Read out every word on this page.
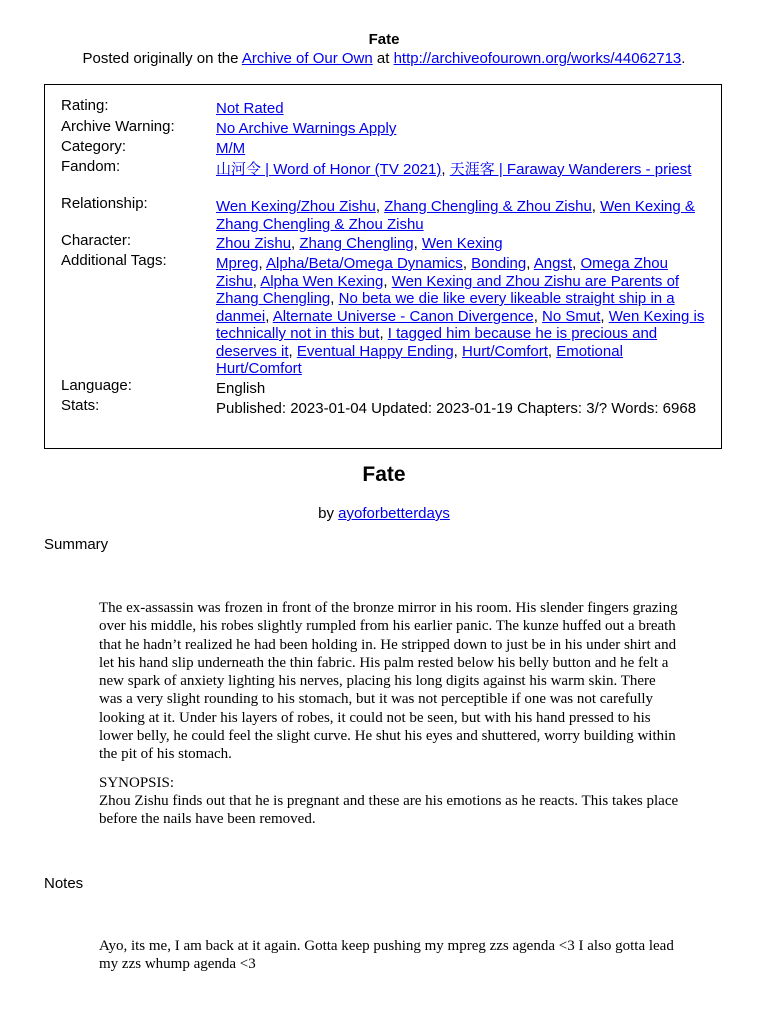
Fate
Posted originally on the Archive of Our Own at http://archiveofourown.org/works/44062713.
Rating:	Not Rated
Archive Warning:	No Archive Warnings Apply
Category:	M/M
Fandom:	山河令 | Word of Honor (TV 2021), 天涯客 | Faraway Wanderers - priest
Relationship:	Wen Kexing/Zhou Zishu, Zhang Chengling & Zhou Zishu, Wen Kexing & Zhang Chengling & Zhou Zishu
Character:	Zhou Zishu, Zhang Chengling, Wen Kexing
Additional Tags:	Mpreg, Alpha/Beta/Omega Dynamics, Bonding, Angst, Omega Zhou Zishu, Alpha Wen Kexing, Wen Kexing and Zhou Zishu are Parents of Zhang Chengling, No beta we die like every likeable straight ship in a danmei, Alternate Universe - Canon Divergence, No Smut, Wen Kexing is technically not in this but, I tagged him because he is precious and deserves it, Eventual Happy Ending, Hurt/Comfort, Emotional Hurt/Comfort
Language:	English
Stats:	Published: 2023-01-04 Updated: 2023-01-19 Chapters: 3/? Words: 6968
Fate
by ayoforbetterdays
Summary

The ex-assassin was frozen in front of the bronze mirror in his room. His slender fingers grazing over his middle, his robes slightly rumpled from his earlier panic. The kunze huffed out a breath that he hadn’t realized he had been holding in. He stripped down to just be in his under shirt and let his hand slip underneath the thin fabric. His palm rested below his belly button and he felt a new spark of anxiety lighting his nerves, placing his long digits against his warm skin. There was a very slight rounding to his stomach, but it was not perceptible if one was not carefully looking at it. Under his layers of robes, it could not be seen, but with his hand pressed to his lower belly, he could feel the slight curve. He shut his eyes and shuttered, worry building within the pit of his stomach.

SYNOPSIS:

Zhou Zishu finds out that he is pregnant and these are his emotions as he reacts. This takes place before the nails have been removed.

Notes

Ayo, its me, I am back at it again. Gotta keep pushing my mpreg zzs agenda <3 I also gotta lead my zzs whump agenda <3
